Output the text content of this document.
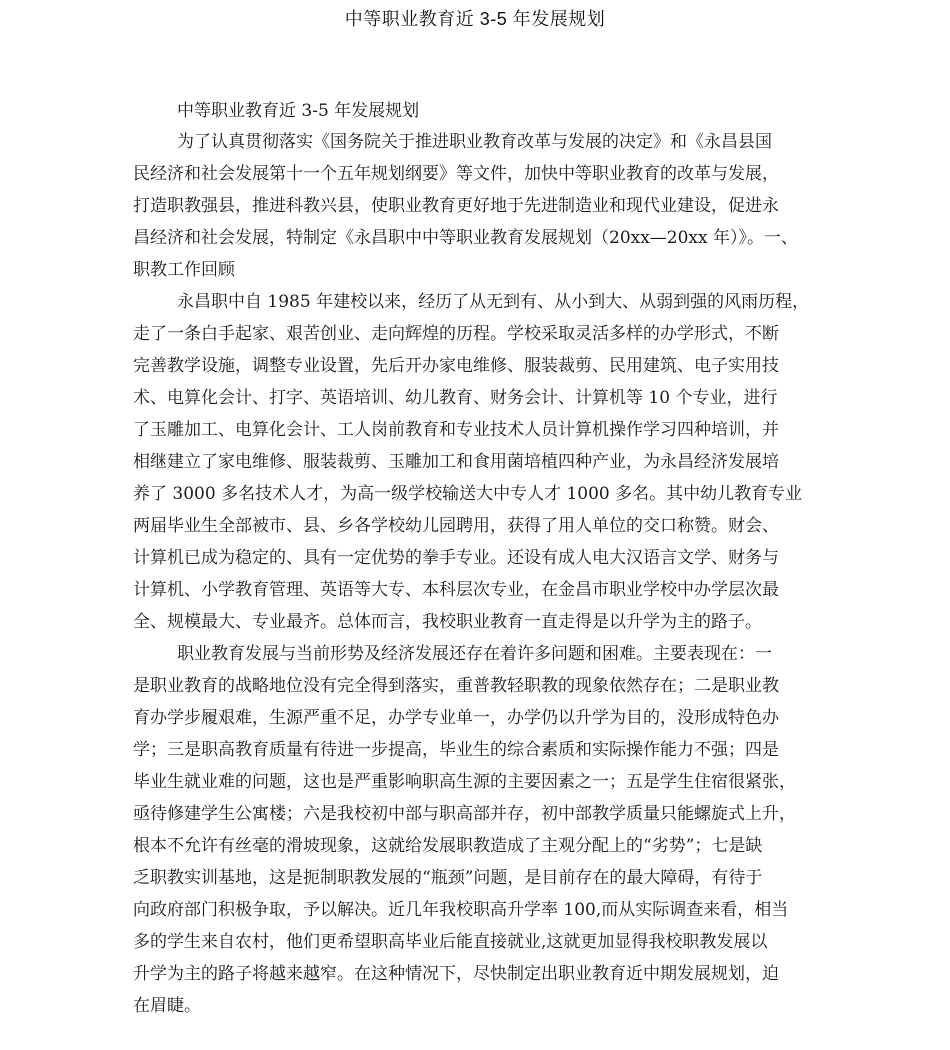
中等职业教育近 3-5 年发展规划
中等职业教育近 3-5 年发展规划
为了认真贯彻落实《国务院关于推进职业教育改革与发展的决定》和《永昌县国
民经济和社会发展第十一个五年规划纲要》等文件，加快中等职业教育的改革与发展，
打造职教强县，推进科教兴县，使职业教育更好地于先进制造业和现代业建设，促进永
昌经济和社会发展，特制定《永昌职中中等职业教育发展规划（20xx—20xx 年）》。一、
职教工作回顾
永昌职中自 1985 年建校以来，经历了从无到有、从小到大、从弱到强的风雨历程，
走了一条白手起家、艰苦创业、走向辉煌的历程。学校采取灵活多样的办学形式，不断
完善教学设施，调整专业设置，先后开办家电维修、服装裁剪、民用建筑、电子实用技
术、电算化会计、打字、英语培训、幼儿教育、财务会计、计算机等 10 个专业，进行
了玉雕加工、电算化会计、工人岗前教育和专业技术人员计算机操作学习四种培训，并
相继建立了家电维修、服装裁剪、玉雕加工和食用菌培植四种产业，为永昌经济发展培
养了 3000 多名技术人才，为高一级学校输送大中专人才 1000 多名。其中幼儿教育专业
两届毕业生全部被市、县、乡各学校幼儿园聘用，获得了用人单位的交口称赞。财会、
计算机已成为稳定的、具有一定优势的拳手专业。还设有成人电大汉语言文学、财务与
计算机、小学教育管理、英语等大专、本科层次专业，在金昌市职业学校中办学层次最
全、规模最大、专业最齐。总体而言，我校职业教育一直走得是以升学为主的路子。
职业教育发展与当前形势及经济发展还存在着许多问题和困难。主要表现在：一
是职业教育的战略地位没有完全得到落实，重普教轻职教的现象依然存在；二是职业教
育办学步履艰难，生源严重不足，办学专业单一，办学仍以升学为目的，没形成特色办
学；三是职高教育质量有待进一步提高，毕业生的综合素质和实际操作能力不强；四是
毕业生就业难的问题，这也是严重影响职高生源的主要因素之一；五是学生住宿很紧张，
亟待修建学生公寓楼；六是我校初中部与职高部并存，初中部教学质量只能螺旋式上升，
根本不允许有丝毫的滑坡现象，这就给发展职教造成了主观分配上的“劣势”；七是缺
乏职教实训基地，这是扼制职教发展的“瓶颈”问题，是目前存在的最大障碍，有待于
向政府部门积极争取，予以解决。近几年我校职高升学率 100,而从实际调查来看，相当
多的学生来自农村，他们更希望职高毕业后能直接就业,这就更加显得我校职教发展以
升学为主的路子将越来越窄。在这种情况下，尽快制定出职业教育近中期发展规划，迫
在眉睫。
